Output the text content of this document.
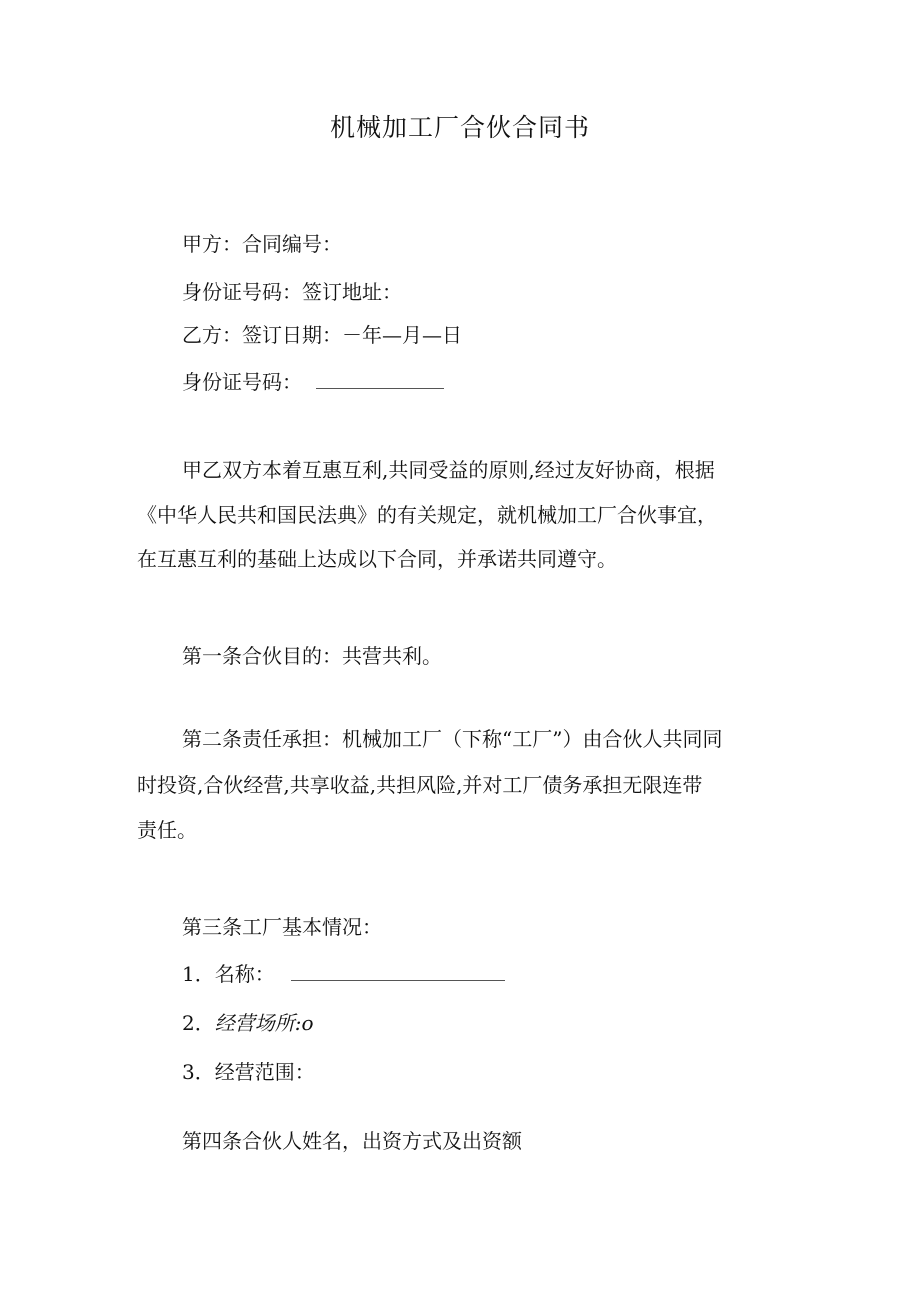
机械加工厂合伙合同书
甲方：合同编号：
身份证号码：签订地址：
乙方：签订日期：－年—月—日
身份证号码：
甲乙双方本着互惠互利,共同受益的原则,经过友好协商，根据
《中华人民共和国民法典》的有关规定，就机械加工厂合伙事宜，
在互惠互利的基础上达成以下合同，并承诺共同遵守。
第一条合伙目的：共营共利。
第二条责任承担：机械加工厂（下称“工厂”）由合伙人共同同
时投资,合伙经营,共享收益,共担风险,并对工厂债务承担无限连带
责任。
第三条工厂基本情况：
1．名称：
2．经营场所:o
3．经营范围：
第四条合伙人姓名，出资方式及出资额
